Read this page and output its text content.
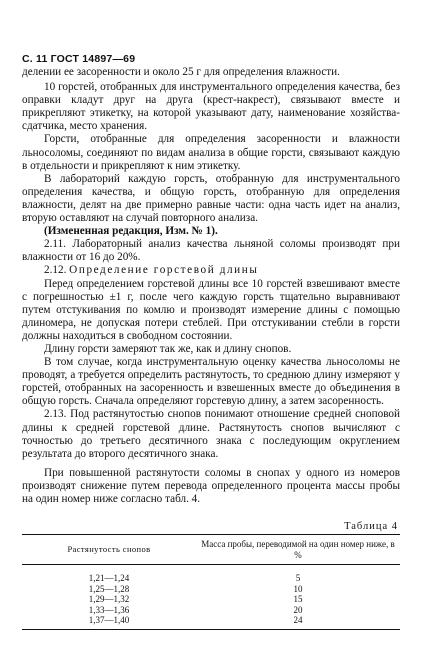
С. 11 ГОСТ 14897—69

делении ее засоренности и около 25 г для определения влажности.

10 горстей, отобранных для инструментального определения качества, без оправки кладут друг на друга (крест-накрест), связывают вместе и прикрепляют этикетку, на которой указывают дату, наименование хозяйства-сдатчика, место хранения.

Горсти, отобранные для определения засоренности и влажности льносоломы, соединяют по видам анализа в общие горсти, связывают каждую в отдельности и прикрепляют к ним этикетку.

В лабораторий каждую горсть, отобранную для инструментального определения качества, и общую горсть, отобранную для определения влажности, делят на две примерно равные части: одна часть идет на анализ, вторую оставляют на случай повторного анализа.

(Измененная редакция, Изм. № 1).

2.11. Лабораторный анализ качества льняной соломы производят при влажности от 16 до 20%.

2.12. Определение горстевой длины

Перед определением горстевой длины все 10 горстей взвешивают вместе с погрешностью ±1 г, после чего каждую горсть тщательно выравнивают путем отстукивания по комлю и производят измерение длины с помощью длиномера, не допуская потери стеблей. При отстукивании стебли в горсти должны находиться в свободном состоянии.

Длину горсти замеряют так же, как и длину снопов.

В том случае, когда инструментальную оценку качества льносоломы не проводят, а требуется определить растянутость, то среднюю длину измеряют у горстей, отобранных на засоренность и взвешенных вместе до объединения в общую горсть. Сначала определяют горстевую длину, а затем засоренность.

2.13. Под растянутостью снопов понимают отношение средней сноповой длины к средней горстевой длине. Растянутость снопов вычисляют с точностью до третьего десятичного знака с последующим округлением результата до второго десятичного знака.

При повышенной растянутости соломы в снопах у одного из номеров производят снижение путем перевода определенного процента массы пробы на один номер ниже согласно табл. 4.

Таблица 4
Растянутость снопов	Масса пробы, переводимой на один номер ниже, в %
1,21—1,24	5
1,25—1,28	10
1,29—1,32	15
1,33—1,36	20
1,37—1,40	24
